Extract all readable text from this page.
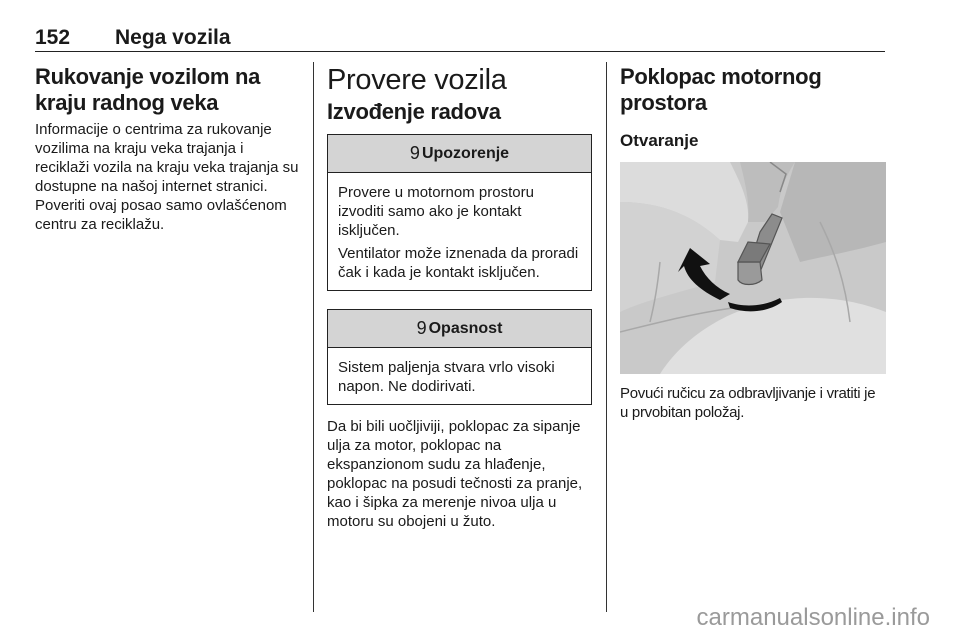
152 Nega vozila
Rukovanje vozilom na kraju radnog veka

Informacije o centrima za rukovanje vozilima na kraju veka trajanja i reciklaži vozila na kraju veka trajanja su dostupne na našoj internet stranici. Poveriti ovaj posao samo ovlašćenom centru za reciklažu.

Provere vozila
Izvođenje radova
9 Upozorenje

Provere u motornom prostoru izvoditi samo ako je kontakt isključen.

Ventilator može iznenada da proradi čak i kada je kontakt isključen.

9 Opasnost

Sistem paljenja stvara vrlo visoki napon. Ne dodirivati.

Da bi bili uočljiviji, poklopac za sipanje ulja za motor, poklopac na ekspanzionom sudu za hlađenje, poklopac na posudi tečnosti za pranje, kao i šipka za merenje nivoa ulja u motoru su obojeni u žuto.

Poklopac motornog prostora
Otvaranje

Povući ručicu za odbravljivanje i vratiti je u prvobitan položaj.

carmanualsonline.info
